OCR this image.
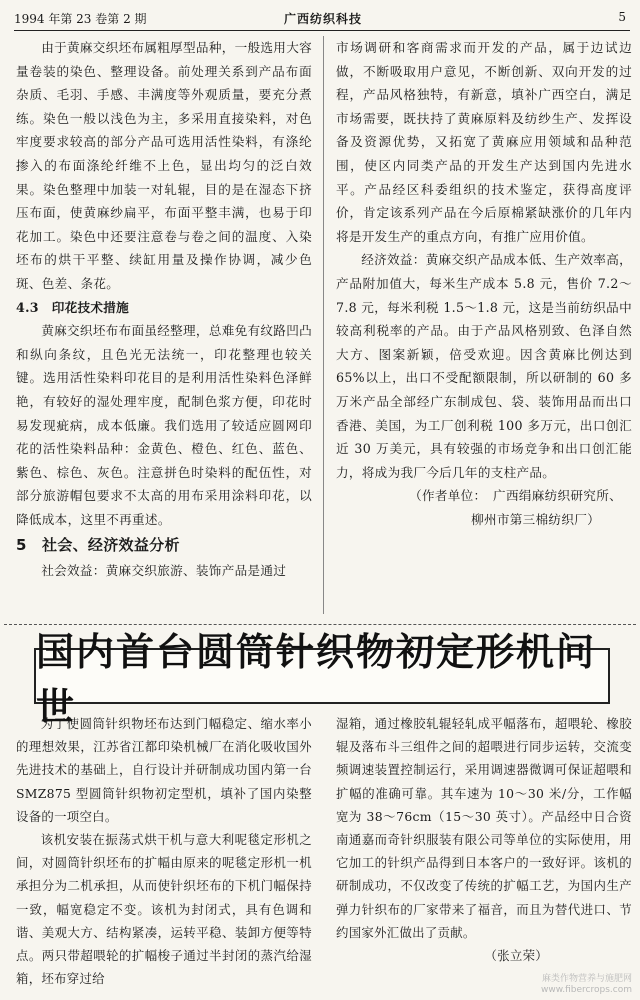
1994 年第 23 卷第 2 期	广西纺织科技	5

由于黄麻交织坯布属粗厚型品种，一般选用大容量卷装的染色、整理设备。前处理关系到产品布面杂质、毛羽、手感、丰满度等外观质量，要充分煮练。染色一般以浅色为主，多采用直接染料，对色牢度要求较高的部分产品可选用活性染料，有涤纶掺入的布面涤纶纤维不上色，显出均匀的泛白效果。染色整理中加装一对轧辊，目的是在湿态下挤压布面，使黄麻纱扁平，布面平整丰满，也易于印花加工。染色中还要注意卷与卷之间的温度、入染坯布的烘干平整、续缸用量及操作协调，减少色斑、色差、条花。

4.3　印花技术措施

黄麻交织坯布布面虽经整理，总难免有纹路凹凸和纵向条纹，且色光无法统一，印花整理也较关键。选用活性染料印花目的是利用活性染料色泽鲜艳，有较好的湿处理牢度，配制色浆方便，印花时易发现疵病，成本低廉。我们选用了较适应圆网印花的活性染料品种：金黄色、橙色、红色、蓝色、紫色、棕色、灰色。注意拼色时染料的配伍性，对部分旅游帽包要求不太高的用布采用涂料印花，以降低成本，这里不再重述。

5　社会、经济效益分析

社会效益：黄麻交织旅游、装饰产品是通过

市场调研和客商需求而开发的产品，属于边试边做，不断吸取用户意见，不断创新、双向开发的过程，产品风格独特，有新意，填补广西空白，满足市场需要，既扶持了黄麻原料及纺纱生产、发挥设备及资源优势，又拓宽了黄麻应用领域和品种范围，使区内同类产品的开发生产达到国内先进水平。产品经区科委组织的技术鉴定，获得高度评价，肯定该系列产品在今后原棉紧缺涨价的几年内将是开发生产的重点方向，有推广应用价值。

经济效益：黄麻交织产品成本低、生产效率高，产品附加值大，每米生产成本 5.8 元，售价 7.2～7.8 元，每米利税 1.5～1.8 元，这是当前纺织品中较高利税率的产品。由于产品风格别致、色泽自然大方、图案新颖，倍受欢迎。因含黄麻比例达到 65%以上，出口不受配额限制，所以研制的 60 多万米产品全部经广东制成包、袋、装饰用品而出口香港、美国，为工厂创利税 100 多万元，出口创汇近 30 万美元，具有较强的市场竞争和出口创汇能力，将成为我厂今后几年的支柱产品。

（作者单位：　广西绢麻纺织研究所、

柳州市第三棉纺织厂）

国内首台圆筒针织物初定形机问世

为了使圆筒针织物坯布达到门幅稳定、缩水率小的理想效果，江苏省江都印染机械厂在消化吸收国外先进技术的基础上，自行设计并研制成功国内第一台 SMZ875 型圆筒针织物初定型机，填补了国内染整设备的一项空白。

该机安装在振荡式烘干机与意大利呢毯定形机之间，对圆筒针织坯布的扩幅由原来的呢毯定形机一机承担分为二机承担，从而使针织坯布的下机门幅保持一致，幅宽稳定不变。该机为封闭式，具有色调和谐、美观大方、结构紧凑，运转平稳、装卸方便等特点。两只带超喂轮的扩幅梭子通过半封闭的蒸汽给湿箱，坯布穿过给

湿箱，通过橡胶轧辊轻轧成平幅落布，超喂轮、橡胶辊及落布斗三组件之间的超喂进行同步运转，交流变频调速装置控制运行，采用调速器微调可保证超喂和扩幅的准确可靠。其车速为 10～30 米/分，工作幅宽为 38～76cm（15～30 英寸）。产品经中日合资南通嘉而奇针织服装有限公司等单位的实际使用，用它加工的针织产品得到日本客户的一致好评。该机的研制成功，不仅改变了传统的扩幅工艺，为国内生产弹力针织布的厂家带来了福音，而且为替代进口、节约国家外汇做出了贡献。

（张立荣）

麻类作物营养与施肥网
www.fibercrops.com
